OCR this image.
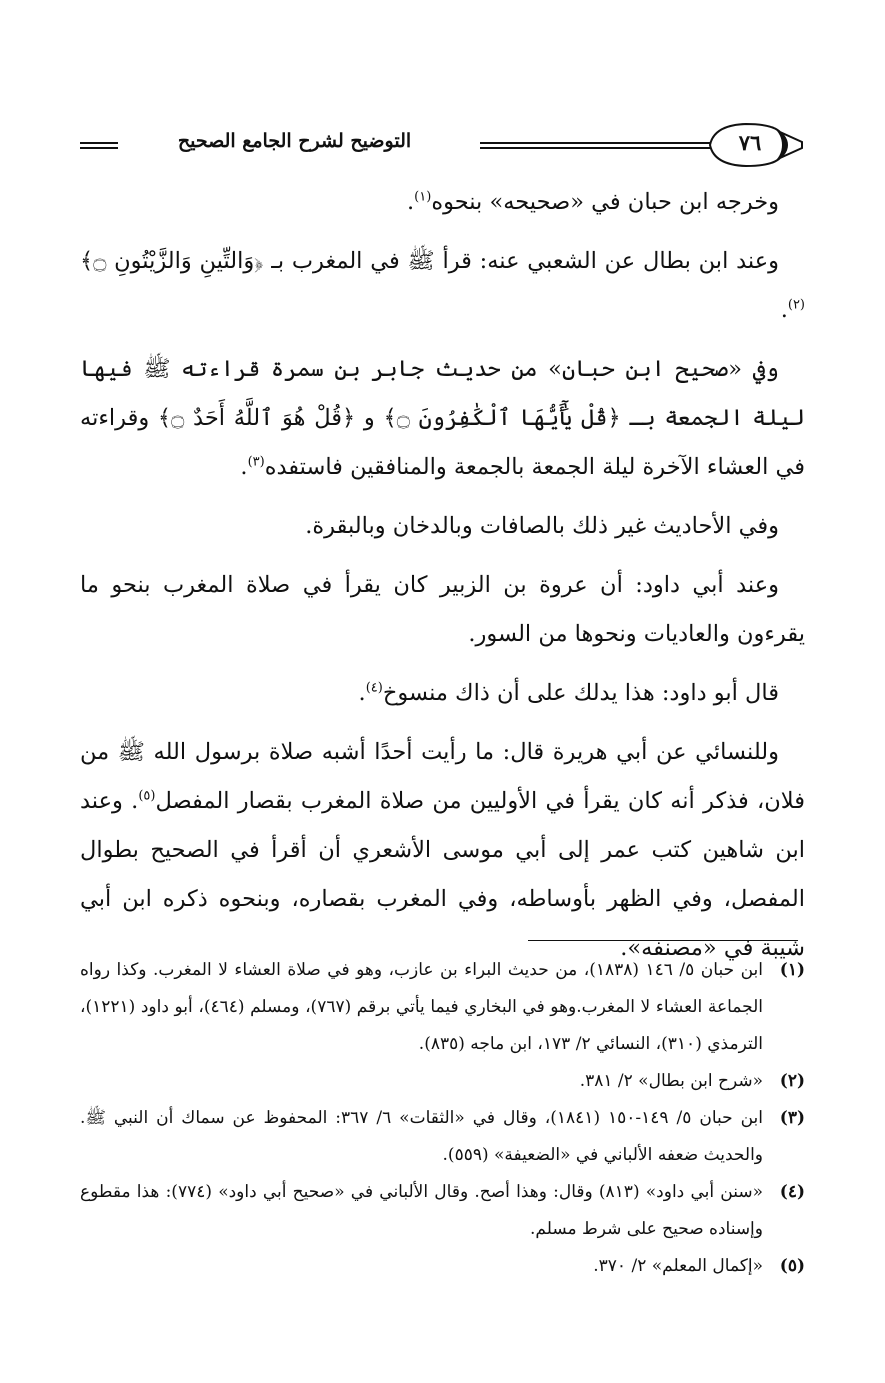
التوضيح لشرح الجامع الصحيح	٧٦

وخرجه ابن حبان في «صحيحه» بنحوه$^{(١)}$.

وعند ابن بطال عن الشعبي عنه: قرأ ﷺ في المغرب بـ ﴿وَالتِّينِ وَالزَّيْتُونِ ۝﴾$^{(٢)}$.

وفي «صحيح ابن حبان» من حديث جابر بن سمرة قراءته ﷺ فيها ليلة الجمعة بـ ﴿قُلْ يَٰٓأَيُّهَا ٱلْكَٰفِرُونَ ۝﴾ و ﴿قُلْ هُوَ ٱللَّهُ أَحَدٌ ۝﴾ وقراءته في العشاء الآخرة ليلة الجمعة بالجمعة والمنافقين فاستفده$^{(٣)}$.

وفي الأحاديث غير ذلك بالصافات وبالدخان وبالبقرة.

وعند أبي داود: أن عروة بن الزبير كان يقرأ في صلاة المغرب بنحو ما يقرءون والعاديات ونحوها من السور.

قال أبو داود: هذا يدلك على أن ذاك منسوخ$^{(٤)}$.

وللنسائي عن أبي هريرة قال: ما رأيت أحدًا أشبه صلاة برسول الله ﷺ من فلان، فذكر أنه كان يقرأ في الأوليين من صلاة المغرب بقصار المفصل$^{(٥)}$. وعند ابن شاهين كتب عمر إلى أبي موسى الأشعري أن أقرأ في الصحيح بطوال المفصل، وفي الظهر بأوساطه، وفي المغرب بقصاره، وبنحوه ذكره ابن أبي شيبة في «مصنفه».

(١)
ابن حبان ٥/ ١٤٦ (١٨٣٨)، من حديث البراء بن عازب، وهو في صلاة العشاء لا المغرب. وكذا رواه الجماعة العشاء لا المغرب.وهو في البخاري فيما يأتي برقم (٧٦٧)، ومسلم (٤٦٤)، أبو داود (١٢٢١)، الترمذي (٣١٠)، النسائي ٢/ ١٧٣، ابن ماجه (٨٣٥).
(٢)
«شرح ابن بطال» ٢/ ٣٨١.
(٣)
ابن حبان ٥/ ١٤٩-١٥٠ (١٨٤١)، وقال في «الثقات» ٦/ ٣٦٧: المحفوظ عن سماك أن النبي ﷺ. والحديث ضعفه الألباني في «الضعيفة» (٥٥٩).
(٤)
«سنن أبي داود» (٨١٣) وقال: وهذا أصح. وقال الألباني في «صحيح أبي داود» (٧٧٤): هذا مقطوع وإسناده صحيح على شرط مسلم.
(٥)
«إكمال المعلم» ٢/ ٣٧٠.
